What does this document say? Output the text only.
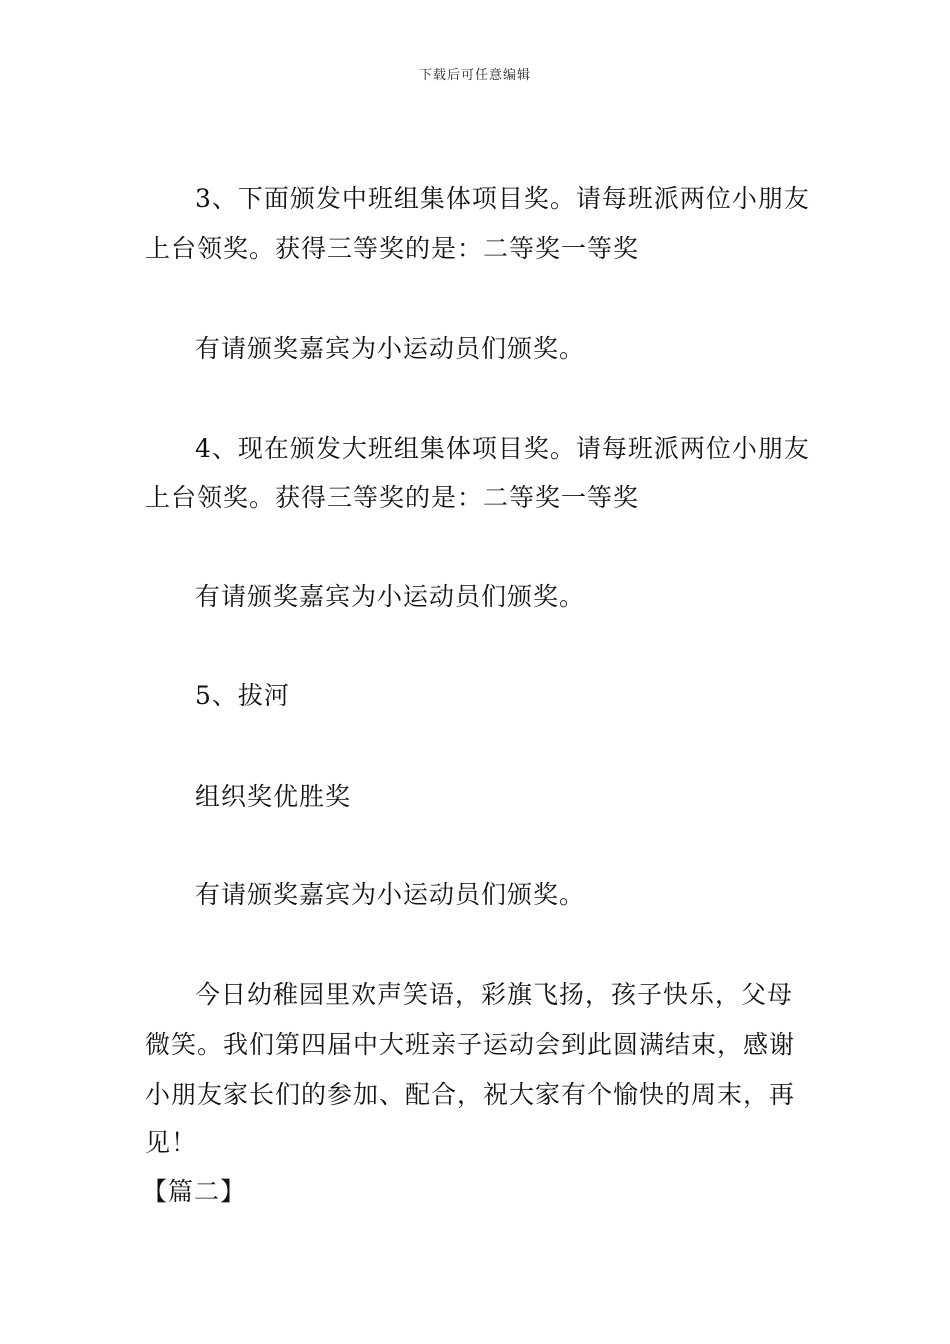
下载后可任意编辑
3、下面颁发中班组集体项目奖。请每班派两位小朋友
上台领奖。获得三等奖的是：二等奖一等奖
有请颁奖嘉宾为小运动员们颁奖。
4、现在颁发大班组集体项目奖。请每班派两位小朋友
上台领奖。获得三等奖的是：二等奖一等奖
有请颁奖嘉宾为小运动员们颁奖。
5、拔河
组织奖优胜奖
有请颁奖嘉宾为小运动员们颁奖。
今日幼稚园里欢声笑语，彩旗飞扬，孩子快乐，父母
微笑。我们第四届中大班亲子运动会到此圆满结束，感谢
小朋友家长们的参加、配合，祝大家有个愉快的周末，再
见！
【篇二】
